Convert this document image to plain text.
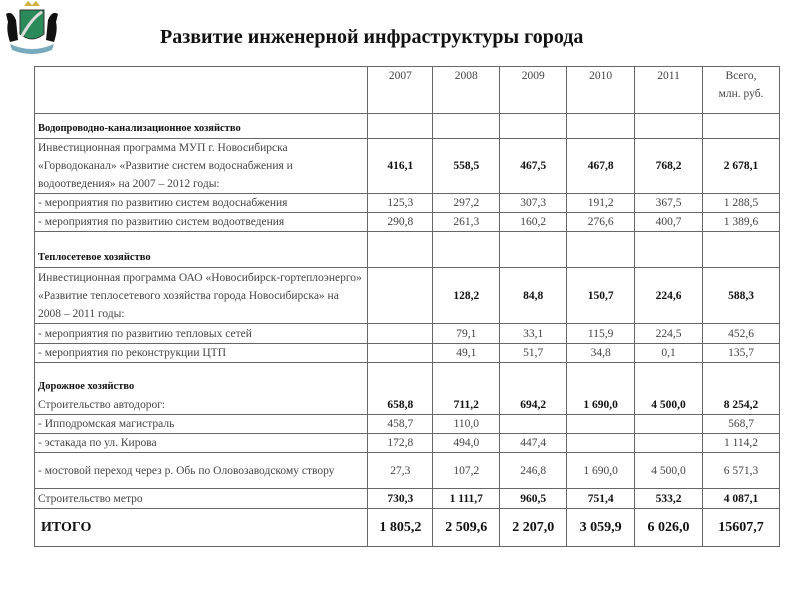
Развитие инженерной инфраструктуры города
	2007	2008	2009	2010	2011	Всего,
млн. руб.

Водопроводно-канализационное хозяйство						
Инвестиционная программа МУП г. Новосибирска «Горводоканал» «Развитие систем водоснабжения и водоотведения» на 2007 – 2012 годы:	416,1	558,5	467,5	467,8	768,2	2 678,1
- мероприятия по развитию систем водоснабжения	125,3	297,2	307,3	191,2	367,5	1 288,5
- мероприятия по развитию систем водоотведения	290,8	261,3	160,2	276,6	400,7	1 389,6
Теплосетевое хозяйство						
Инвестиционная программа ОАО «Новосибирск-гортеплоэнерго» «Развитие теплосетевого хозяйства города Новосибирска» на 2008 – 2011 годы:		128,2	84,8	150,7	224,6	588,3
- мероприятия по развитию тепловых сетей		79,1	33,1	115,9	224,5	452,6
- мероприятия по реконструкции ЦТП		49,1	51,7	34,8	0,1	135,7

Дорожное хозяйство
Строительство автодорог:	658,8	711,2	694,2	1 690,0	4 500,0	8 254,2
- Ипподромская магистраль	458,7	110,0				568,7
- эстакада по ул. Кирова	172,8	494,0	447,4			1 114,2
- мостовой переход через р. Обь по Оловозаводскому створу	27,3	107,2	246,8	1 690,0	4 500,0	6 571,3
Строительство метро	730,3	1 111,7	960,5	751,4	533,2	4 087,1
ИТОГО	1 805,2	2 509,6	2 207,0	3 059,9	6 026,0	15607,7
